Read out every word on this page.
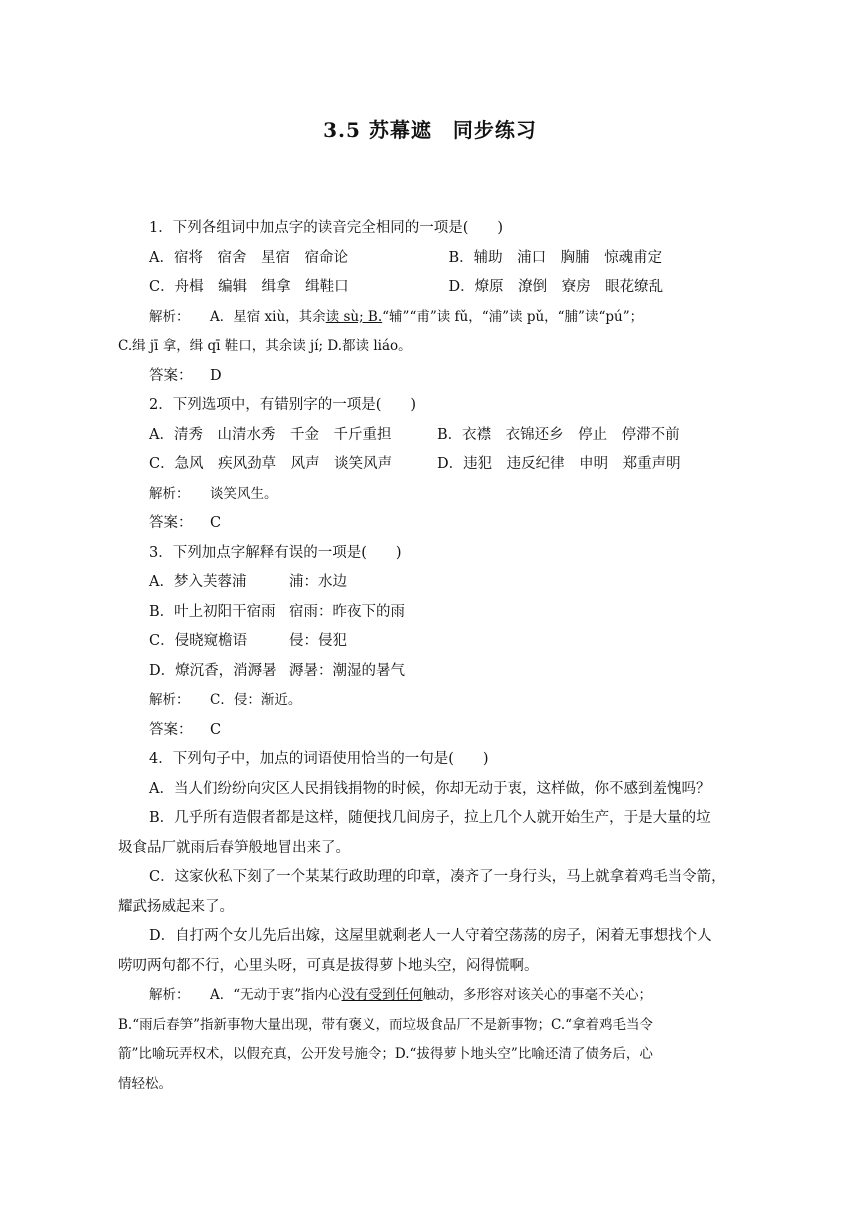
3.5 苏幕遮　同步练习
1．下列各组词中加点字的读音完全相同的一项是(　　)
A．宿将　宿舍　星宿　宿命论	B．辅助　浦口　胸脯　惊魂甫定
C．舟楫　编辑　缉拿　缉鞋口	D．燎原　潦倒　寮房　眼花缭乱
解析： A．星宿 xiù，其余读 sù; B.“辅”“甫”读 fǔ，“浦”读 pǔ，“脯”读“pú”；
C.缉 jī 拿，缉 qī 鞋口，其余读 jí; D.都读 liáo。
答案： D
2．下列选项中，有错别字的一项是(　　)
A．清秀　山清水秀　千金　千斤重担	B．衣襟　衣锦还乡　停止　停滞不前
C．急风　疾风劲草　风声　谈笑风声	D．违犯　违反纪律　申明　郑重声明
解析： 谈笑风生。
答案： C
3．下列加点字解释有误的一项是(　　)
A．梦入芙蓉浦	浦：水边
B．叶上初阳干宿雨 宿雨：昨夜下的雨
C．侵晓窥檐语	侵：侵犯
D．燎沉香，消溽暑 溽暑：潮湿的暑气
解析： C．侵：渐近。
答案： C
4．下列句子中，加点的词语使用恰当的一句是(　　)
A．当人们纷纷向灾区人民捐钱捐物的时候，你却无动于衷，这样做，你不感到羞愧吗？
B．几乎所有造假者都是这样，随便找几间房子，拉上几个人就开始生产，于是大量的垃
圾食品厂就雨后春笋般地冒出来了。
C．这家伙私下刻了一个某某行政助理的印章，凑齐了一身行头，马上就拿着鸡毛当令箭，
耀武扬威起来了。
D．自打两个女儿先后出嫁，这屋里就剩老人一人守着空荡荡的房子，闲着无事想找个人
唠叨两句都不行，心里头呀，可真是拔得萝卜地头空，闷得慌啊。
解析： A．“无动于衷”指内心没有受到任何触动，多形容对该关心的事毫不关心；
B.“雨后春笋”指新事物大量出现，带有褒义，而垃圾食品厂不是新事物；C.“拿着鸡毛当令
箭”比喻玩弄权术，以假充真，公开发号施令；D.“拔得萝卜地头空”比喻还清了债务后，心
情轻松。
